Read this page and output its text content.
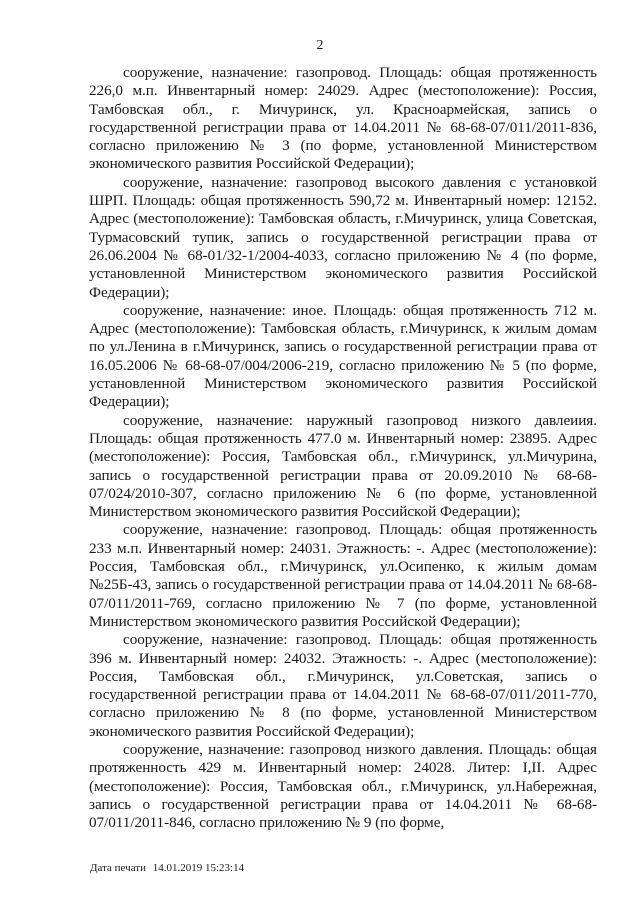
2

сооружение, назначение: газопровод. Площадь: общая протяженность 226,0 м.п. Инвентарный номер: 24029. Адрес (местоположение): Россия, Тамбовская обл., г. Мичуринск, ул. Красноармейская, запись о государственной регистрации права от 14.04.2011 № 68-68-07/011/2011-836, согласно приложению № 3 (по форме, установленной Министерством экономического развития Российской Федерации);

сооружение, назначение: газопровод высокого давления с установкой ШРП. Площадь: общая протяженность 590,72 м. Инвентарный номер: 12152. Адрес (местоположение): Тамбовская область, г.Мичуринск, улица Советская, Турмасовский тупик, запись о государственной регистрации права от 26.06.2004 № 68-01/32-1/2004-4033, согласно приложению № 4 (по форме, установленной Министерством экономического развития Российской Федерации);

сооружение, назначение: иное. Площадь: общая протяженность 712 м. Адрес (местоположение): Тамбовская область, г.Мичуринск, к жилым домам по ул.Ленина в г.Мичуринск, запись о государственной регистрации права от 16.05.2006 № 68-68-07/004/2006-219, согласно приложению № 5 (по форме, установленной Министерством экономического развития Российской Федерации);

сооружение, назначение: наружный газопровод низкого давлеиия. Площадь: общая протяженность 477.0 м. Инвентарный номер: 23895. Адрес (местоположение): Россия, Тамбовская обл., г.Мичуринск, ул.Мичурина, запись о государственной регистрации права от 20.09.2010 № 68-68-07/024/2010-307, согласно приложению № 6 (по форме, установленной Министерством экономического развития Российской Федерации);

сооружение, назначение: газопровод. Площадь: общая протяженность 233 м.п. Инвентарный номер: 24031. Этажность: -. Адрес (местоположение): Россия, Тамбовская обл., г.Мичуринск, ул.Осипенко, к жилым домам №25Б-43, запись о государственной регистрации права от 14.04.2011 № 68-68-07/011/2011-769, согласно приложению № 7 (по форме, установленной Министерством экономического развития Российской Федерации);

сооружение, назначение: газопровод. Площадь: общая протяженность 396 м. Инвентарный номер: 24032. Этажность: -. Адрес (местоположение): Россия, Тамбовская обл., г.Мичуринск, ул.Советская, запись о государственной регистрации права от 14.04.2011 № 68-68-07/011/2011-770, согласно приложению № 8 (по форме, установленной Министерством экономического развития Российской Федерации);

сооружение, назначение: газопровод низкого давления. Площадь: общая протяженность 429 м. Инвентарный номер: 24028. Литер: I,II. Адрес (местоположение): Россия, Тамбовская обл., г.Мичуринск, ул.Набережная, запись о государственной регистрации права от 14.04.2011 № 68-68-07/011/2011-846, согласно приложению № 9 (по форме,

Дата печати 14.01.2019 15:23:14
